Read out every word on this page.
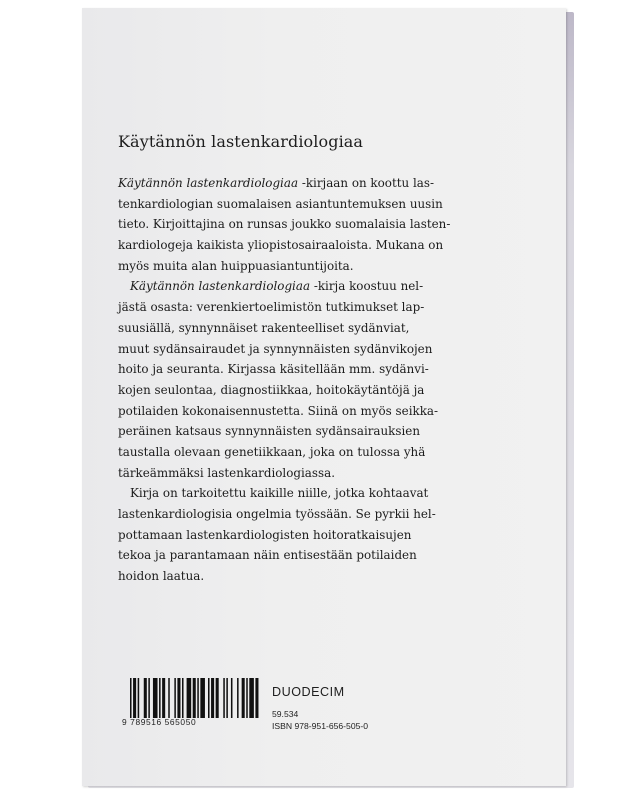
Käytännön lastenkardiologiaa
Käytännön lastenkardiologiaa -kirjaan on koottu las-
tenkardiologian suomalaisen asiantuntemuksen uusin
tieto. Kirjoittajina on runsas joukko suomalaisia lasten-
kardiologeja kaikista yliopistosairaaloista. Mukana on
myös muita alan huippuasiantuntijoita.
Käytännön lastenkardiologiaa -kirja koostuu nel-
jästä osasta: verenkiertoelimistön tutkimukset lap-
suusiällä, synnynnäiset rakenteelliset sydänviat,
muut sydänsairaudet ja synnynnäisten sydänvikojen
hoito ja seuranta. Kirjassa käsitellään mm. sydänvi-
kojen seulontaa, diagnostiikkaa, hoitokäytäntöjä ja
potilaiden kokonaisennustetta. Siinä on myös seikka-
peräinen katsaus synnynnäisten sydänsairauksien
taustalla olevaan genetiikkaan, joka on tulossa yhä
tärkeämmäksi lastenkardiologiassa.
Kirja on tarkoitettu kaikille niille, jotka kohtaavat
lastenkardiologisia ongelmia työssään. Se pyrkii hel-
pottamaan lastenkardiologisten hoitoratkaisujen
tekoa ja parantamaan näin entisestään potilaiden
hoidon laatua.
9 789516 565050
DUODECIM
59.534
ISBN 978-951-656-505-0
